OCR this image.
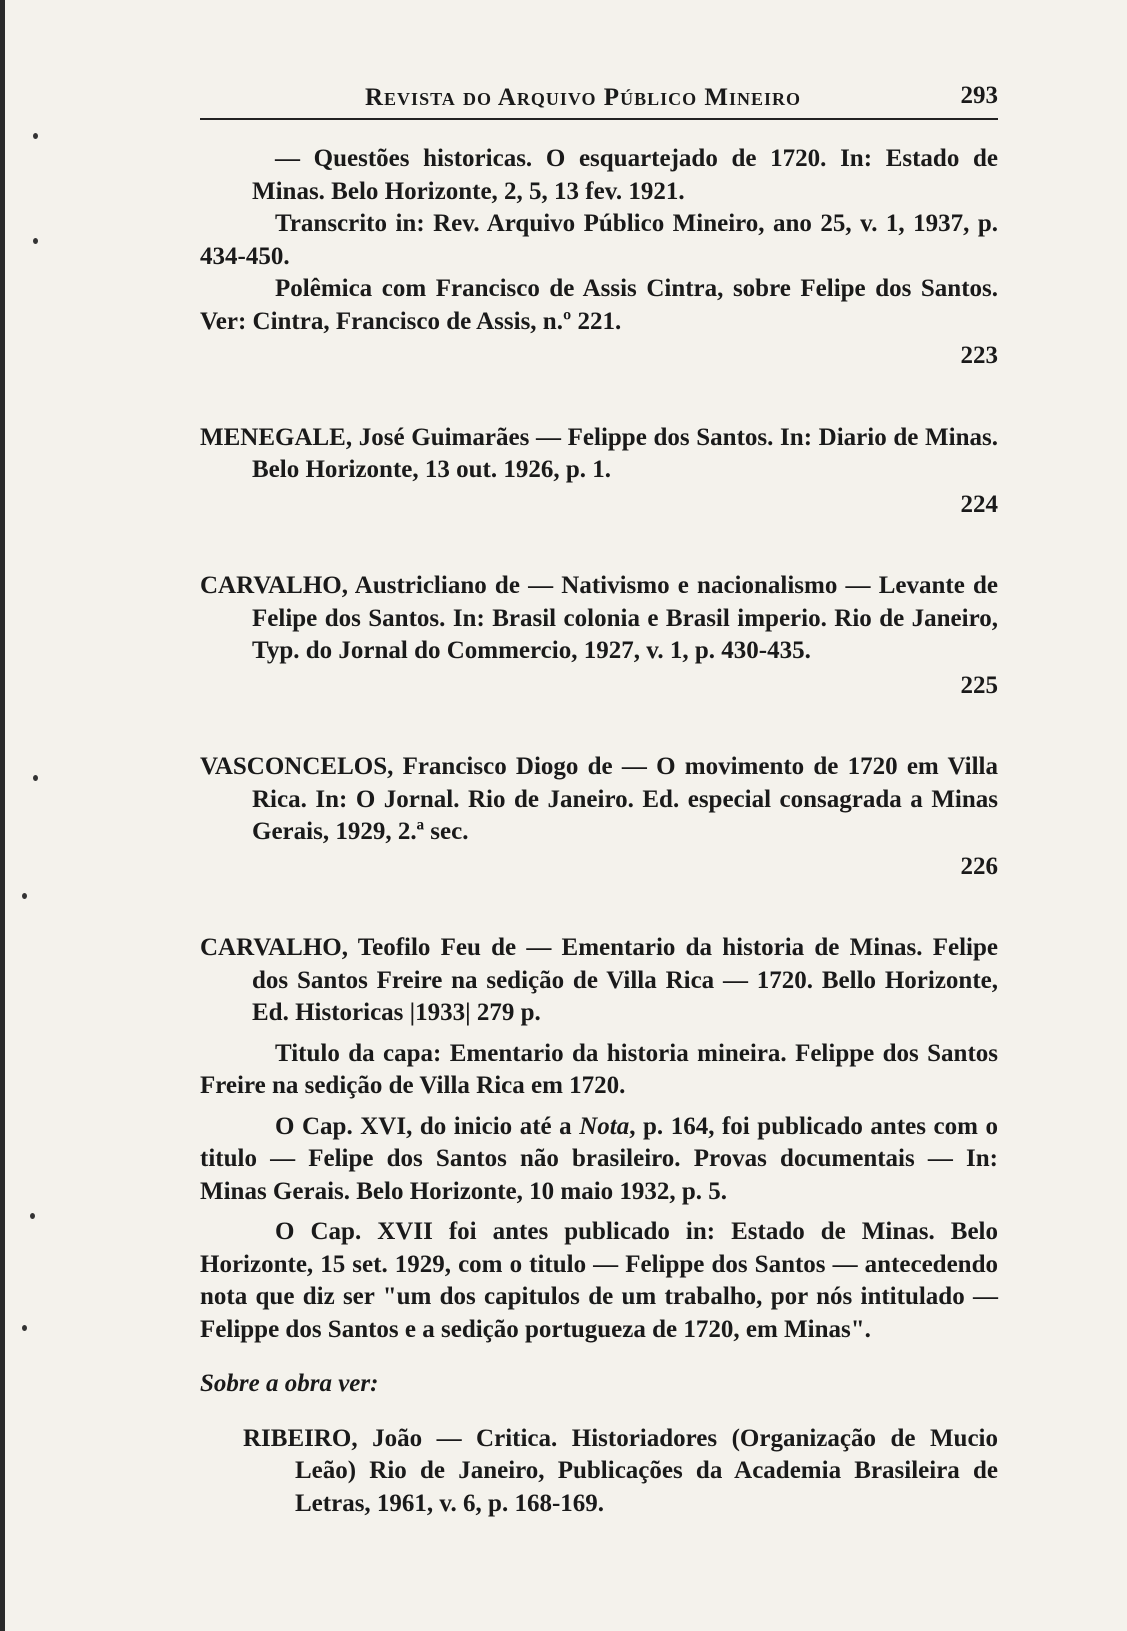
Revista do Arquivo Público Mineiro	293

— Questões historicas. O esquartejado de 1720. In: Estado de Minas. Belo Horizonte, 2, 5, 13 fev. 1921.

Transcrito in: Rev. Arquivo Público Mineiro, ano 25, v. 1, 1937, p. 434-450.

Polêmica com Francisco de Assis Cintra, sobre Felipe dos Santos. Ver: Cintra, Francisco de Assis, n.º 221.

223

MENEGALE, José Guimarães — Felippe dos Santos. In: Diario de Minas. Belo Horizonte, 13 out. 1926, p. 1.

224

CARVALHO, Austricliano de — Nativismo e nacionalismo — Levante de Felipe dos Santos. In: Brasil colonia e Brasil imperio. Rio de Janeiro, Typ. do Jornal do Commercio, 1927, v. 1, p. 430-435.

225

VASCONCELOS, Francisco Diogo de — O movimento de 1720 em Villa Rica. In: O Jornal. Rio de Janeiro. Ed. especial consagrada a Minas Gerais, 1929, 2.ª sec.

226

CARVALHO, Teofilo Feu de — Ementario da historia de Minas. Felipe dos Santos Freire na sedição de Villa Rica — 1720. Bello Horizonte, Ed. Historicas |1933| 279 p.

Titulo da capa: Ementario da historia mineira. Felippe dos Santos Freire na sedição de Villa Rica em 1720.

O Cap. XVI, do inicio até a Nota, p. 164, foi publicado antes com o titulo — Felipe dos Santos não brasileiro. Provas documentais — In: Minas Gerais. Belo Horizonte, 10 maio 1932, p. 5.

O Cap. XVII foi antes publicado in: Estado de Minas. Belo Horizonte, 15 set. 1929, com o titulo — Felippe dos Santos — antecedendo nota que diz ser "um dos capitulos de um trabalho, por nós intitulado — Felippe dos Santos e a sedição portugueza de 1720, em Minas".

Sobre a obra ver:

RIBEIRO, João — Critica. Historiadores (Organização de Mucio Leão) Rio de Janeiro, Publicações da Academia Brasileira de Letras, 1961, v. 6, p. 168-169.
